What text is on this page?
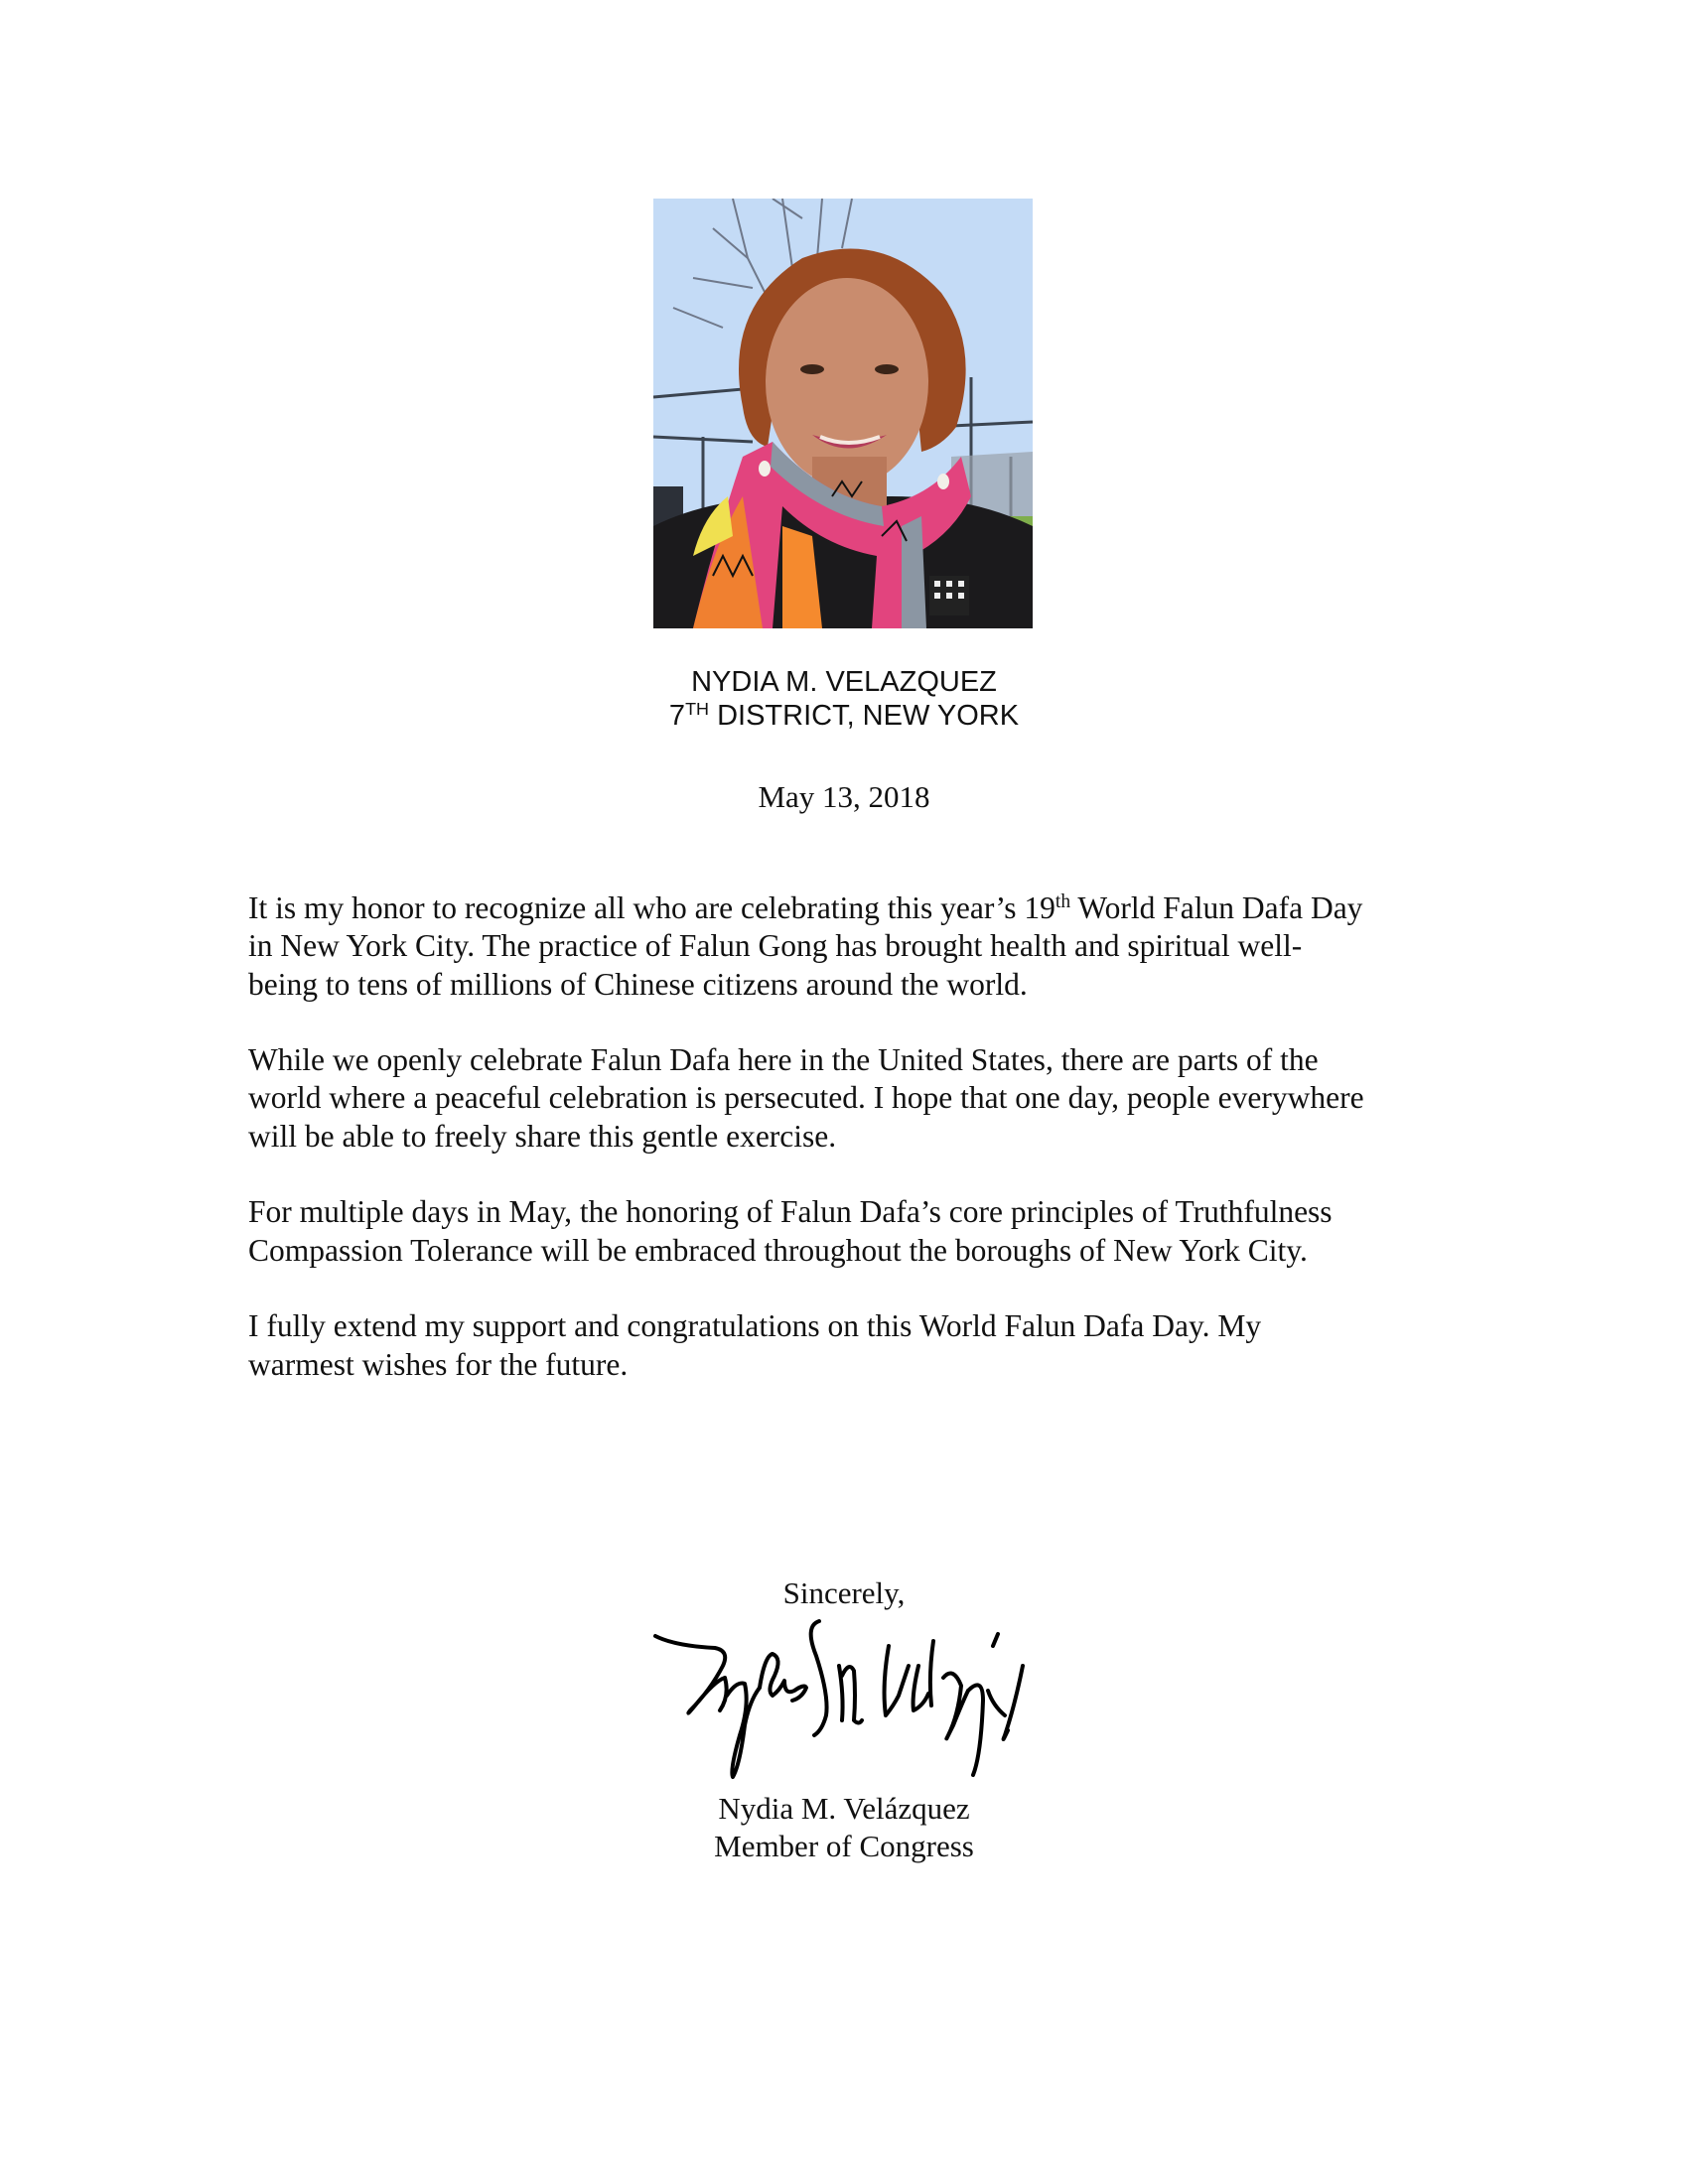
NYDIA M. VELAZQUEZ
7TH DISTRICT, NEW YORK
May 13, 2018

It is my honor to recognize all who are celebrating this year’s 19th World Falun Dafa Day
in New York City. The practice of Falun Gong has brought health and spiritual well-
being to tens of millions of Chinese citizens around the world.

While we openly celebrate Falun Dafa here in the United States, there are parts of the
world where a peaceful celebration is persecuted. I hope that one day, people everywhere
will be able to freely share this gentle exercise.

For multiple days in May, the honoring of Falun Dafa’s core principles of Truthfulness
Compassion Tolerance will be embraced throughout the boroughs of New York City.

I fully extend my support and congratulations on this World Falun Dafa Day. My
warmest wishes for the future.

Sincerely,
Nydia M. Velázquez
Member of Congress
